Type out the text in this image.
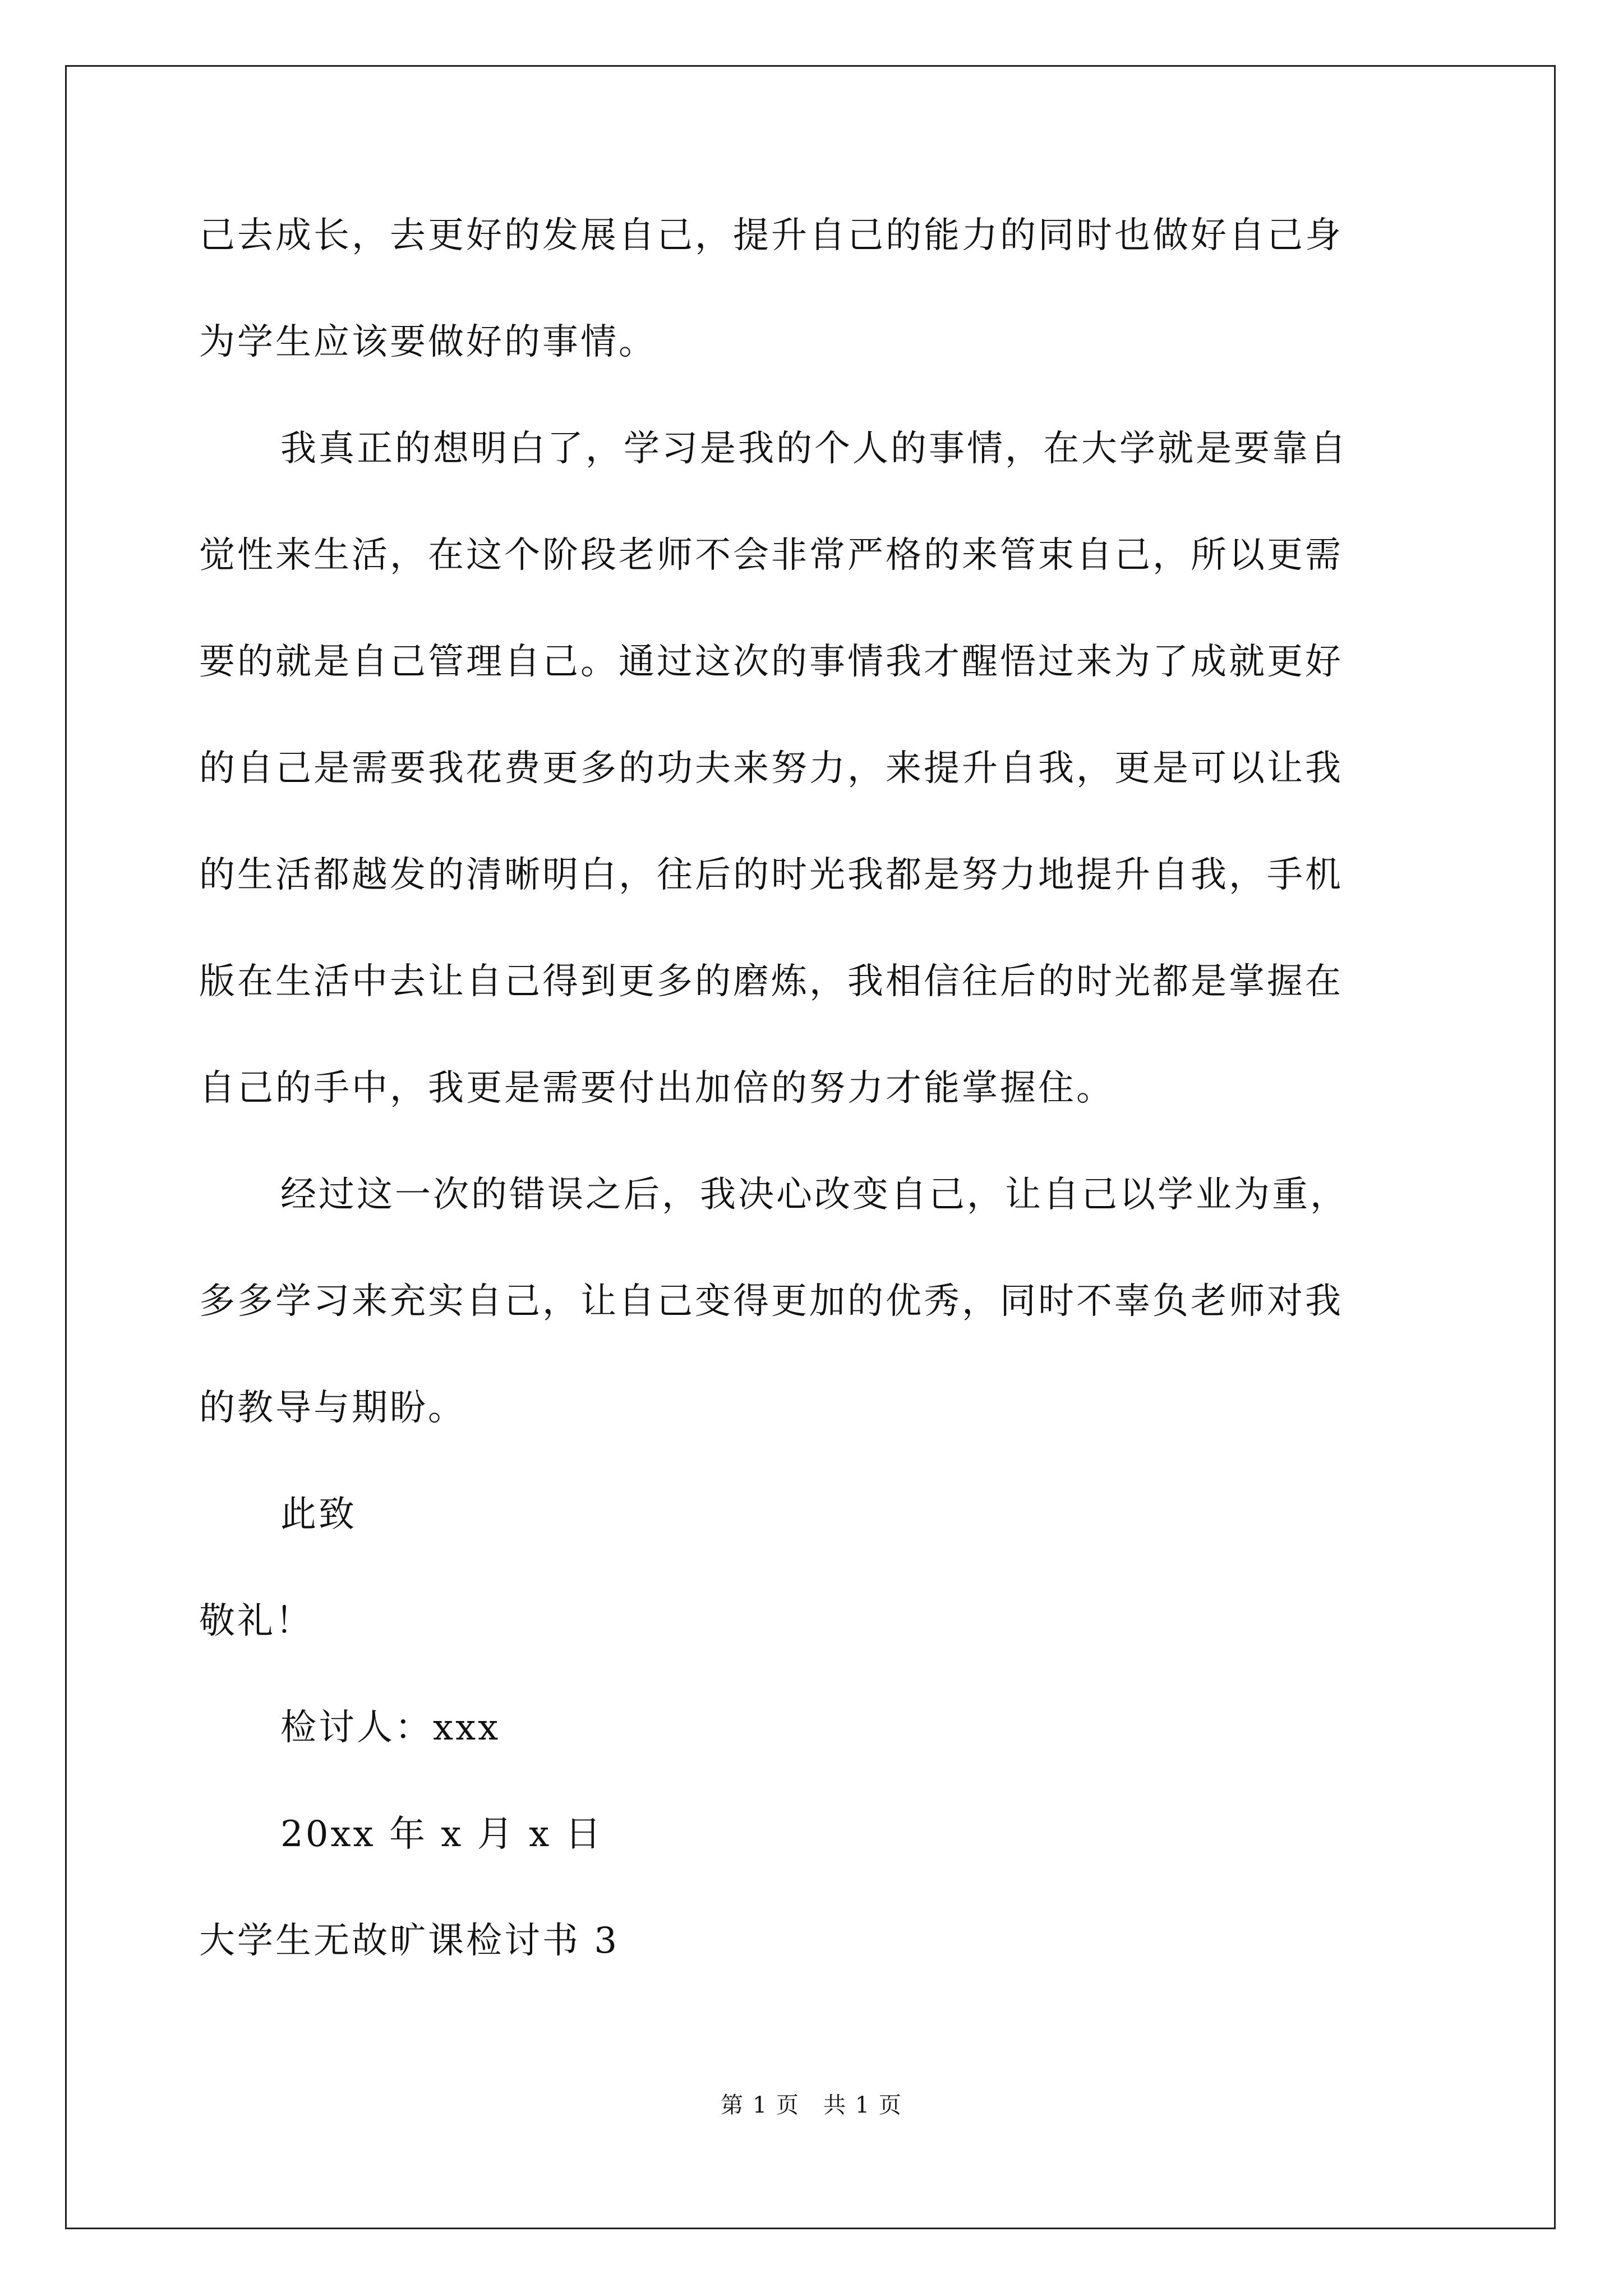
己去成长，去更好的发展自己，提升自己的能力的同时也做好自己身
为学生应该要做好的事情。
我真正的想明白了，学习是我的个人的事情，在大学就是要靠自
觉性来生活，在这个阶段老师不会非常严格的来管束自己，所以更需
要的就是自己管理自己。通过这次的事情我才醒悟过来为了成就更好
的自己是需要我花费更多的功夫来努力，来提升自我，更是可以让我
的生活都越发的清晰明白，往后的时光我都是努力地提升自我，手机
版在生活中去让自己得到更多的磨炼，我相信往后的时光都是掌握在
自己的手中，我更是需要付出加倍的努力才能掌握住。
经过这一次的错误之后，我决心改变自己，让自己以学业为重，
多多学习来充实自己，让自己变得更加的优秀，同时不辜负老师对我
的教导与期盼。
此致
敬礼！
检讨人：xxx
20xx 年 x 月 x 日
大学生无故旷课检讨书 3
第 1 页　共 1 页
